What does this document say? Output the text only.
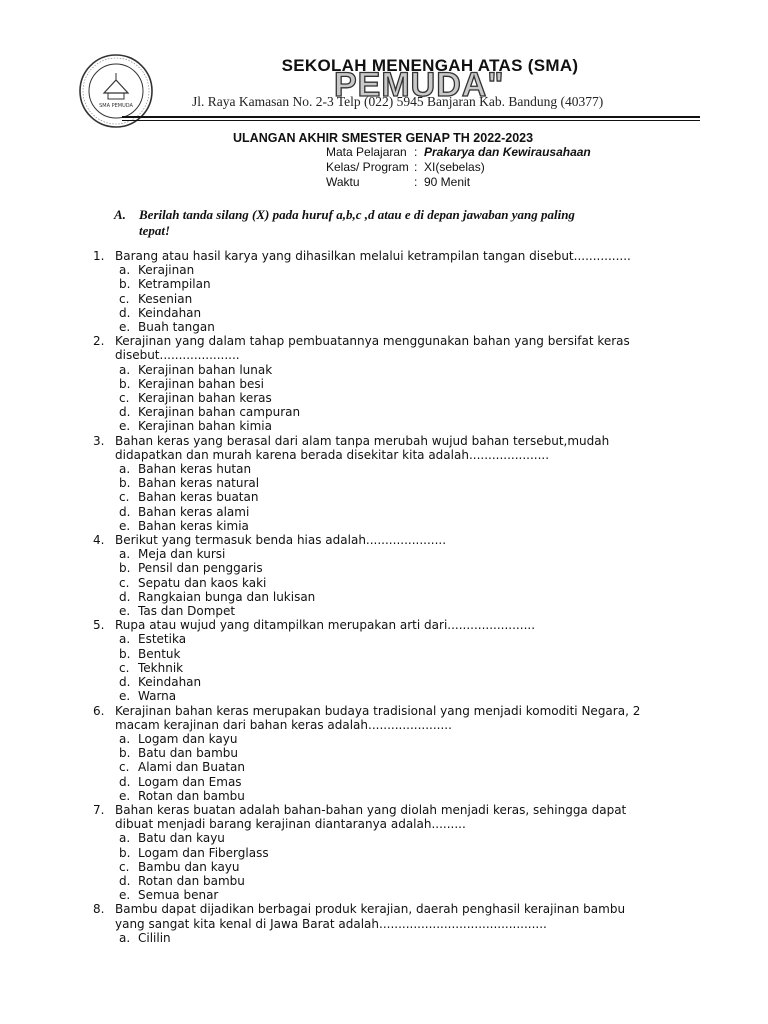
SMA PEMUDA
SEKOLAH MENENGAH ATAS (SMA)
PEMUDA"
Jl. Raya Kamasan No. 2-3 Telp (022) 5945 Banjaran Kab. Bandung (40377)
ULANGAN AKHIR SMESTER GENAP TH 2022-2023
Mata Pelajaran : Prakarya dan Kewirausahaan
Kelas/ Program : XI(sebelas)
Waktu	: 90 Menit
A. Berilah tanda silang (X) pada huruf a,b,c ,d atau e di depan jawaban yang paling
tepat!
1. Barang atau hasil karya yang dihasilkan melalui ketrampilan tangan disebut...............
a. Kerajinan
b. Ketrampilan
c. Kesenian
d. Keindahan
e. Buah tangan
2. Kerajinan yang dalam tahap pembuatannya menggunakan bahan yang bersifat keras
disebut.....................
a. Kerajinan bahan lunak
b. Kerajinan bahan besi
c. Kerajinan bahan keras
d. Kerajinan bahan campuran
e. Kerajinan bahan kimia
3. Bahan keras yang berasal dari alam tanpa merubah wujud bahan tersebut,mudah
didapatkan dan murah karena berada disekitar kita adalah.....................
a. Bahan keras hutan
b. Bahan keras natural
c. Bahan keras buatan
d. Bahan keras alami
e. Bahan keras kimia
4. Berikut yang termasuk benda hias adalah.....................
a. Meja dan kursi
b. Pensil dan penggaris
c. Sepatu dan kaos kaki
d. Rangkaian bunga dan lukisan
e. Tas dan Dompet
5. Rupa atau wujud yang ditampilkan merupakan arti dari.......................
a. Estetika
b. Bentuk
c. Tekhnik
d. Keindahan
e. Warna
6. Kerajinan bahan keras merupakan budaya tradisional yang menjadi komoditi Negara, 2
macam kerajinan dari bahan keras adalah......................
a. Logam dan kayu
b. Batu dan bambu
c. Alami dan Buatan
d. Logam dan Emas
e. Rotan dan bambu
7. Bahan keras buatan adalah bahan-bahan yang diolah menjadi keras, sehingga dapat
dibuat menjadi barang kerajinan diantaranya adalah.........
a. Batu dan kayu
b. Logam dan Fiberglass
c. Bambu dan kayu
d. Rotan dan bambu
e. Semua benar
8. Bambu dapat dijadikan berbagai produk kerajian, daerah penghasil kerajinan bambu
yang sangat kita kenal di Jawa Barat adalah............................................
a. Cililin
